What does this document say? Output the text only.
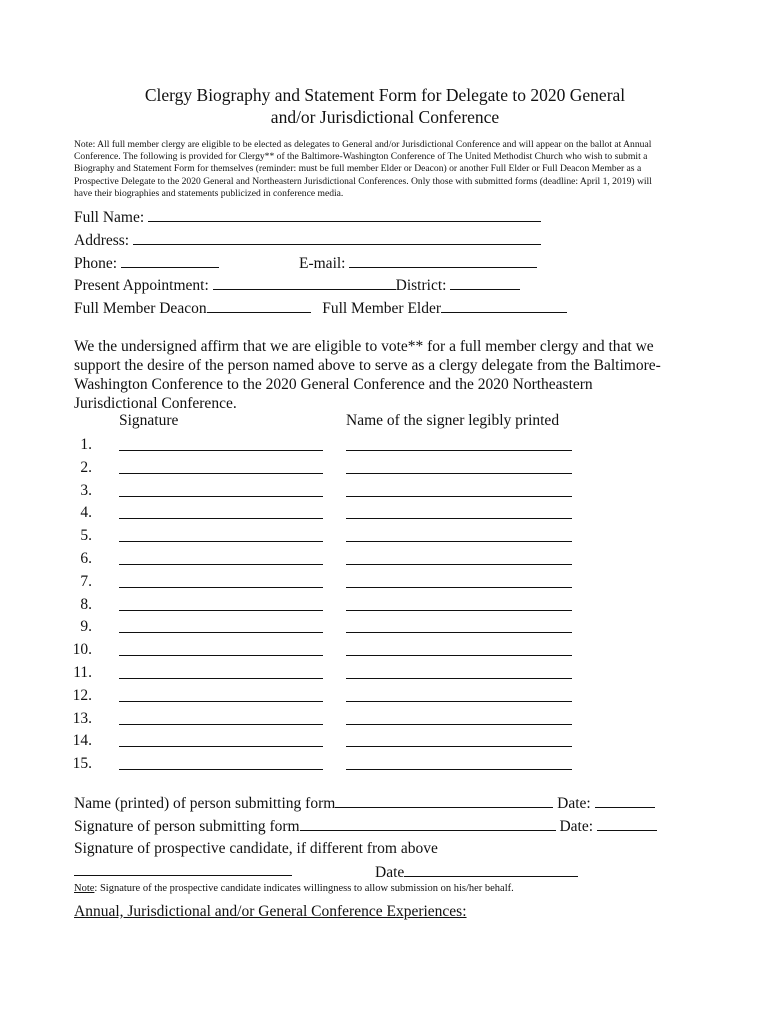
Clergy Biography and Statement Form for Delegate to 2020 General
and/or Jurisdictional Conference
Note: All full member clergy are eligible to be elected as delegates to General and/or Jurisdictional Conference and will appear on the ballot at Annual Conference. The following is provided for Clergy** of the Baltimore-Washington Conference of The United Methodist Church who wish to submit a Biography and Statement Form for themselves (reminder: must be full member Elder or Deacon) or another Full Elder or Full Deacon Member as a Prospective Delegate to the 2020 General and Northeastern Jurisdictional Conferences. Only those with submitted forms (deadline: April 1, 2019) will have their biographies and statements publicized in conference media.
Full Name:
Address:
Phone:	E-mail:
Present Appointment:	District:
Full Member Deacon	Full Member Elder
We the undersigned affirm that we are eligible to vote** for a full member clergy and that we support the desire of the person named above to serve as a clergy delegate from the Baltimore-Washington Conference to the 2020 General Conference and the 2020 Northeastern Jurisdictional Conference.
Signature	Name of the signer legibly printed
1.
2.
3.
4.
5.
6.
7.
8.
9.
10.
11.
12.
13.
14.
15.
Name (printed) of person submitting form	Date:
Signature of person submitting form	Date:
Signature of prospective candidate, if different from above
Date
Note: Signature of the prospective candidate indicates willingness to allow submission on his/her behalf.
Annual, Jurisdictional and/or General Conference Experiences:
